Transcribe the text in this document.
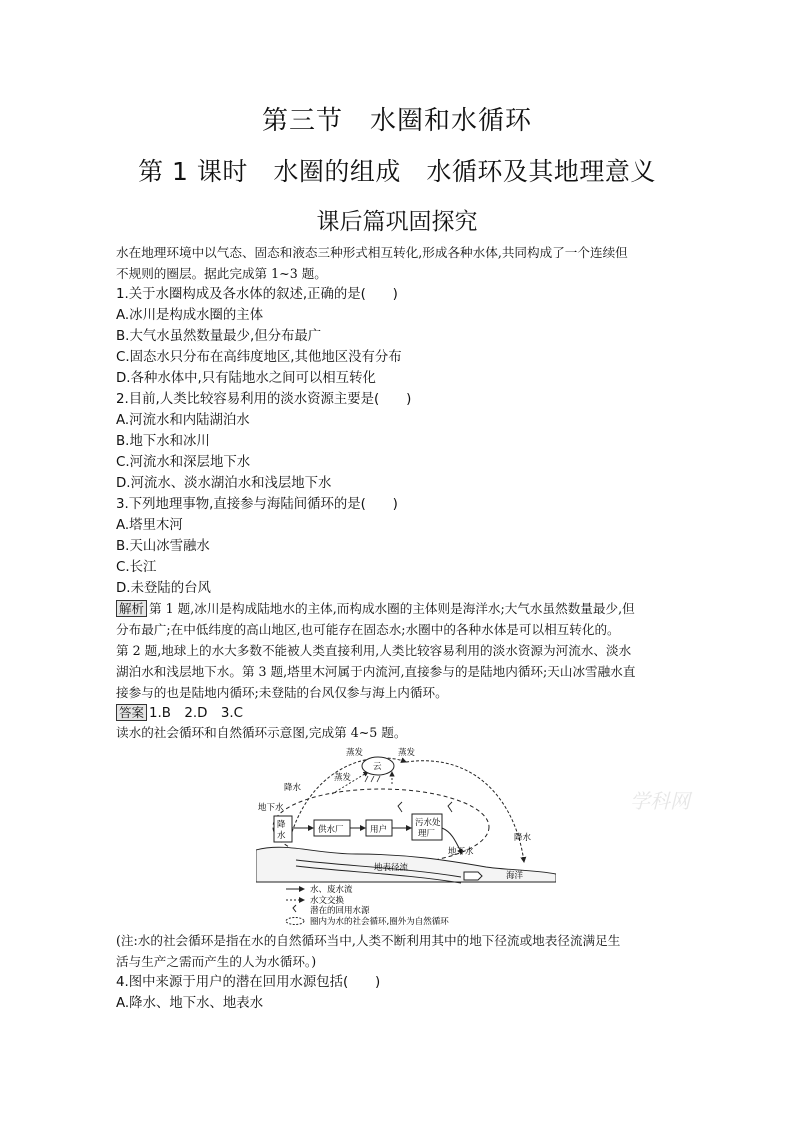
第三节　水圈和水循环
第 1 课时　水圈的组成　水循环及其地理意义
课后篇巩固探究
水在地理环境中以气态、固态和液态三种形式相互转化,形成各种水体,共同构成了一个连续但
不规则的圈层。据此完成第 1~3 题。
1.关于水圈构成及各水体的叙述,正确的是(　　)
A.冰川是构成水圈的主体
B.大气水虽然数量最少,但分布最广
C.固态水只分布在高纬度地区,其他地区没有分布
D.各种水体中,只有陆地水之间可以相互转化
2.目前,人类比较容易利用的淡水资源主要是(　　)
A.河流水和内陆湖泊水
B.地下水和冰川
C.河流水和深层地下水
D.河流水、淡水湖泊水和浅层地下水
3.下列地理事物,直接参与海陆间循环的是(　　)
A.塔里木河
B.天山冰雪融水
C.长江
D.未登陆的台风
解析 第 1 题,冰川是构成陆地水的主体,而构成水圈的主体则是海洋水;大气水虽然数量最少,但
分布最广;在中低纬度的高山地区,也可能存在固态水;水圈中的各种水体是可以相互转化的。
第 2 题,地球上的水大多数不能被人类直接利用,人类比较容易利用的淡水资源为河流水、淡水
湖泊水和浅层地下水。第 3 题,塔里木河属于内流河,直接参与的是陆地内循环;天山冰雪融水直
接参与的也是陆地内循环;未登陆的台风仅参与海上内循环。
答案 1.B　2.D　3.C
读水的社会循环和自然循环示意图,完成第 4~5 题。
云
蒸发	蒸发
蒸发
降水
降水
地下水
降
水
供水厂	用户
污水处
理厂
地表径流
地下水
海洋
水、废水流
水文交换
潜在的回用水源
圈内为水的社会循环,圈外为自然循环
学科网
(注:水的社会循环是指在水的自然循环当中,人类不断利用其中的地下径流或地表径流满足生
活与生产之需而产生的人为水循环。)
4.图中来源于用户的潜在回用水源包括(　　)
A.降水、地下水、地表水
